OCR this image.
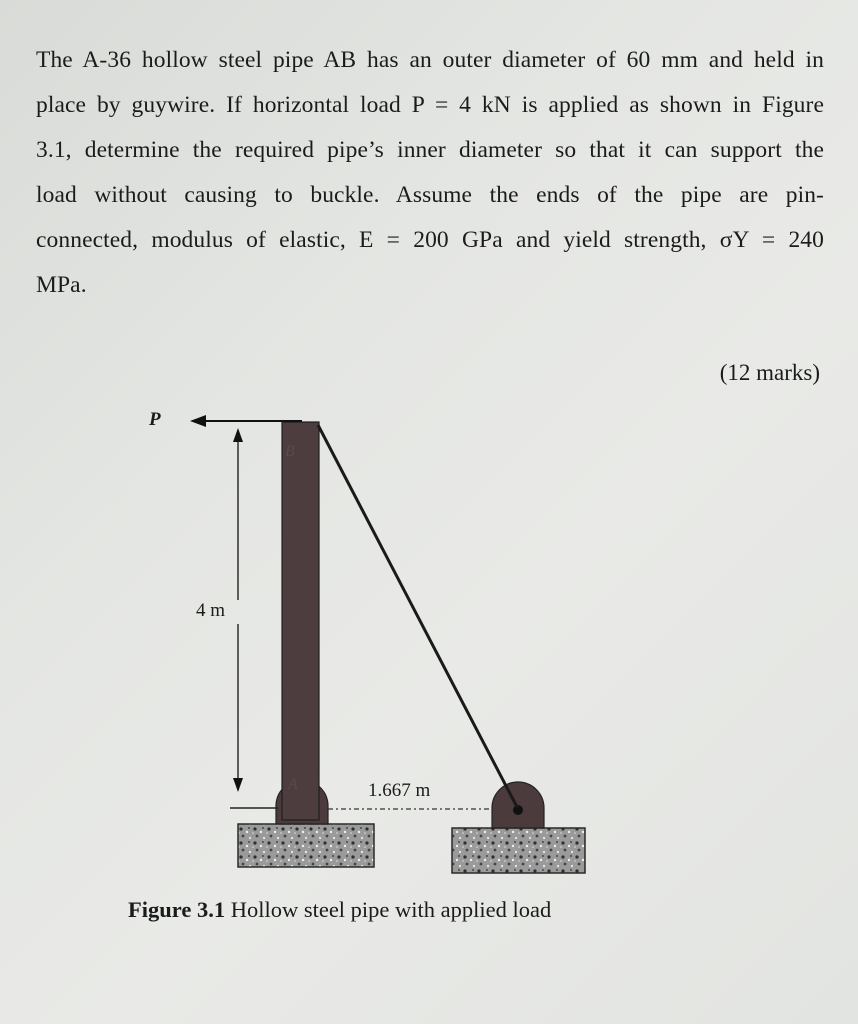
The A-36 hollow steel pipe AB has an outer diameter of 60 mm and held in
place by guywire. If horizontal load P = 4 kN is applied as shown in Figure
3.1, determine the required pipe’s inner diameter so that it can support the
load without causing to buckle. Assume the ends of the pipe are pin-
connected, modulus of elastic, E = 200 GPa and yield strength, σY = 240
MPa.
(12 marks)
P
B
A
4 m
1.667 m
Figure 3.1 Hollow steel pipe with applied load
